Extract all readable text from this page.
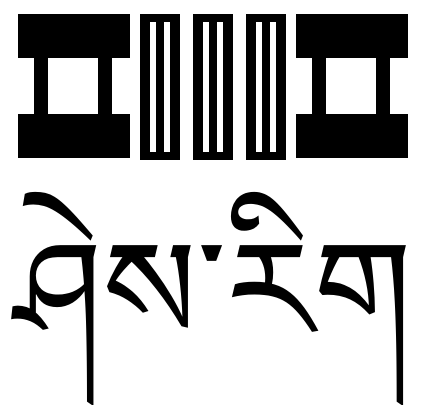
ཤེས་རིག
